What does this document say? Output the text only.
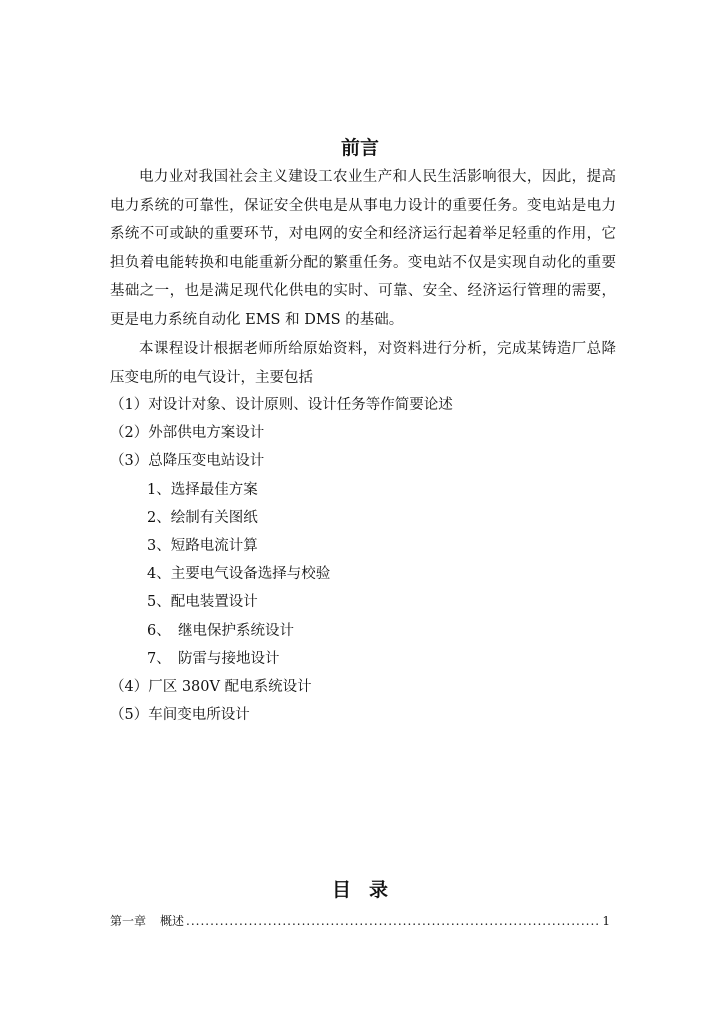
前言
电力业对我国社会主义建设工农业生产和人民生活影响很大，因此，提高电力系统的可靠性，保证安全供电是从事电力设计的重要任务。变电站是电力系统不可或缺的重要环节，对电网的安全和经济运行起着举足轻重的作用，它担负着电能转换和电能重新分配的繁重任务。变电站不仅是实现自动化的重要基础之一，也是满足现代化供电的实时、可靠、安全、经济运行管理的需要，更是电力系统自动化 EMS 和 DMS 的基础。
本课程设计根据老师所给原始资料，对资料进行分析，完成某铸造厂总降压变电所的电气设计，主要包括
（1）对设计对象、设计原则、设计任务等作简要论述
（2）外部供电方案设计
（3）总降压变电站设计
1、选择最佳方案
2、绘制有关图纸
3、短路电流计算
4、主要电气设备选择与校验
5、配电装置设计
6、　继电保护系统设计
7、　防雷与接地设计
（4）厂区 380V 配电系统设计
（5）车间变电所设计
目录
第一章 概述
.....	1
